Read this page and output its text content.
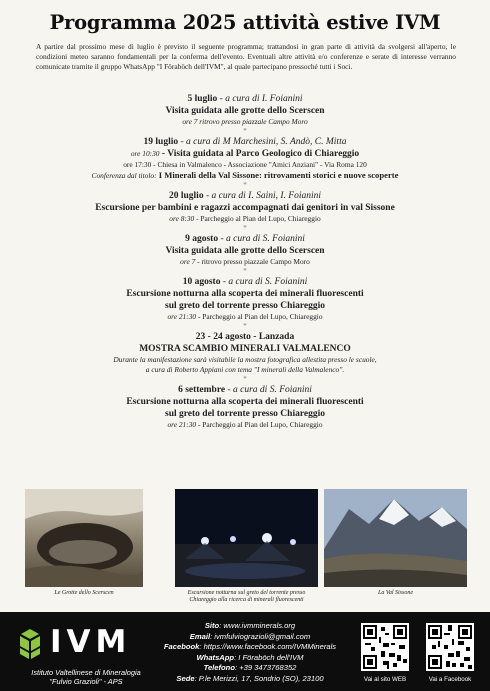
Programma 2025 attività estive IVM
A partire dal prossimo mese di luglio è previsto il seguente programma; trattandosi in gran parte di attività da svolgersi all'aperto, le condizioni meteo saranno fondamentali per la conferma dell'evento. Eventuali altre attività e/o conferenze e serate di interesse verranno comunicate tramite il gruppo WhatsApp "I Föraböch dell'IVM", al quale partecipano pressoché tutti i Soci.
5 luglio - a cura di I. Foianini
Visita guidata alle grotte dello Scerscen
ore 7 ritrovo presso piazzale Campo Moro
*
19 luglio - a cura di M Marchesini, S. Andò, C. Mitta
ore 10:30 - Visita guidata al Parco Geologico di Chiareggio
ore 17:30 - Chiesa in Valmalenco - Associazione "Amici Anziani" - Via Roma 120
Conferenza dal titolo: I Minerali della Val Sissone: ritrovamenti storici e nuove scoperte
*
20 luglio - a cura di I. Saini, I. Foianini
Escursione per bambini e ragazzi accompagnati dai genitori in val Sissone
ore 8:30 - Parcheggio al Pian del Lupo, Chiareggio
*
9 agosto - a cura di S. Foianini
Visita guidata alle grotte dello Scerscen
ore 7 - ritrovo presso piazzale Campo Moro
*
10 agosto - a cura di S. Foianini
Escursione notturna alla scoperta dei minerali fluorescenti
sul greto del torrente presso Chiareggio
ore 21:30 - Parcheggio al Pian del Lupo, Chiareggio
*
23 - 24 agosto - Lanzada
MOSTRA SCAMBIO MINERALI VALMALENCO
Durante la manifestazione sarà visitabile la mostra fotografica allestita presso le scuole,
a cura di Roberto Appiani con tema "I minerali della Valmalenco".
*
6 settembre - a cura di S. Foianini
Escursione notturna alla scoperta dei minerali fluorescenti
sul greto del torrente presso Chiareggio
ore 21:30 - Parcheggio al Pian del Lupo, Chiareggio
Le Grotte dello Scerscen	Escursione notturna sul greto del torrente presso
Chiareggio alla ricerca di minerali fluorescenti
La Val Sissone
IVM
Istituto Valtellinese di Mineralogia
"Fulvio Grazioli" - APS
Sito: www.ivmminerals.org
Email: ivmfulviograzioli@gmail.com
Facebook: https://www.facebook.com/IVMMinerals
WhatsApp: I Föraböch dell'IVM
Telefono: +39 3473768352
Sede: P.le Merizzi, 17, Sondrio (SO), 23100	Vai al sito WEB	Vai a Facebook
